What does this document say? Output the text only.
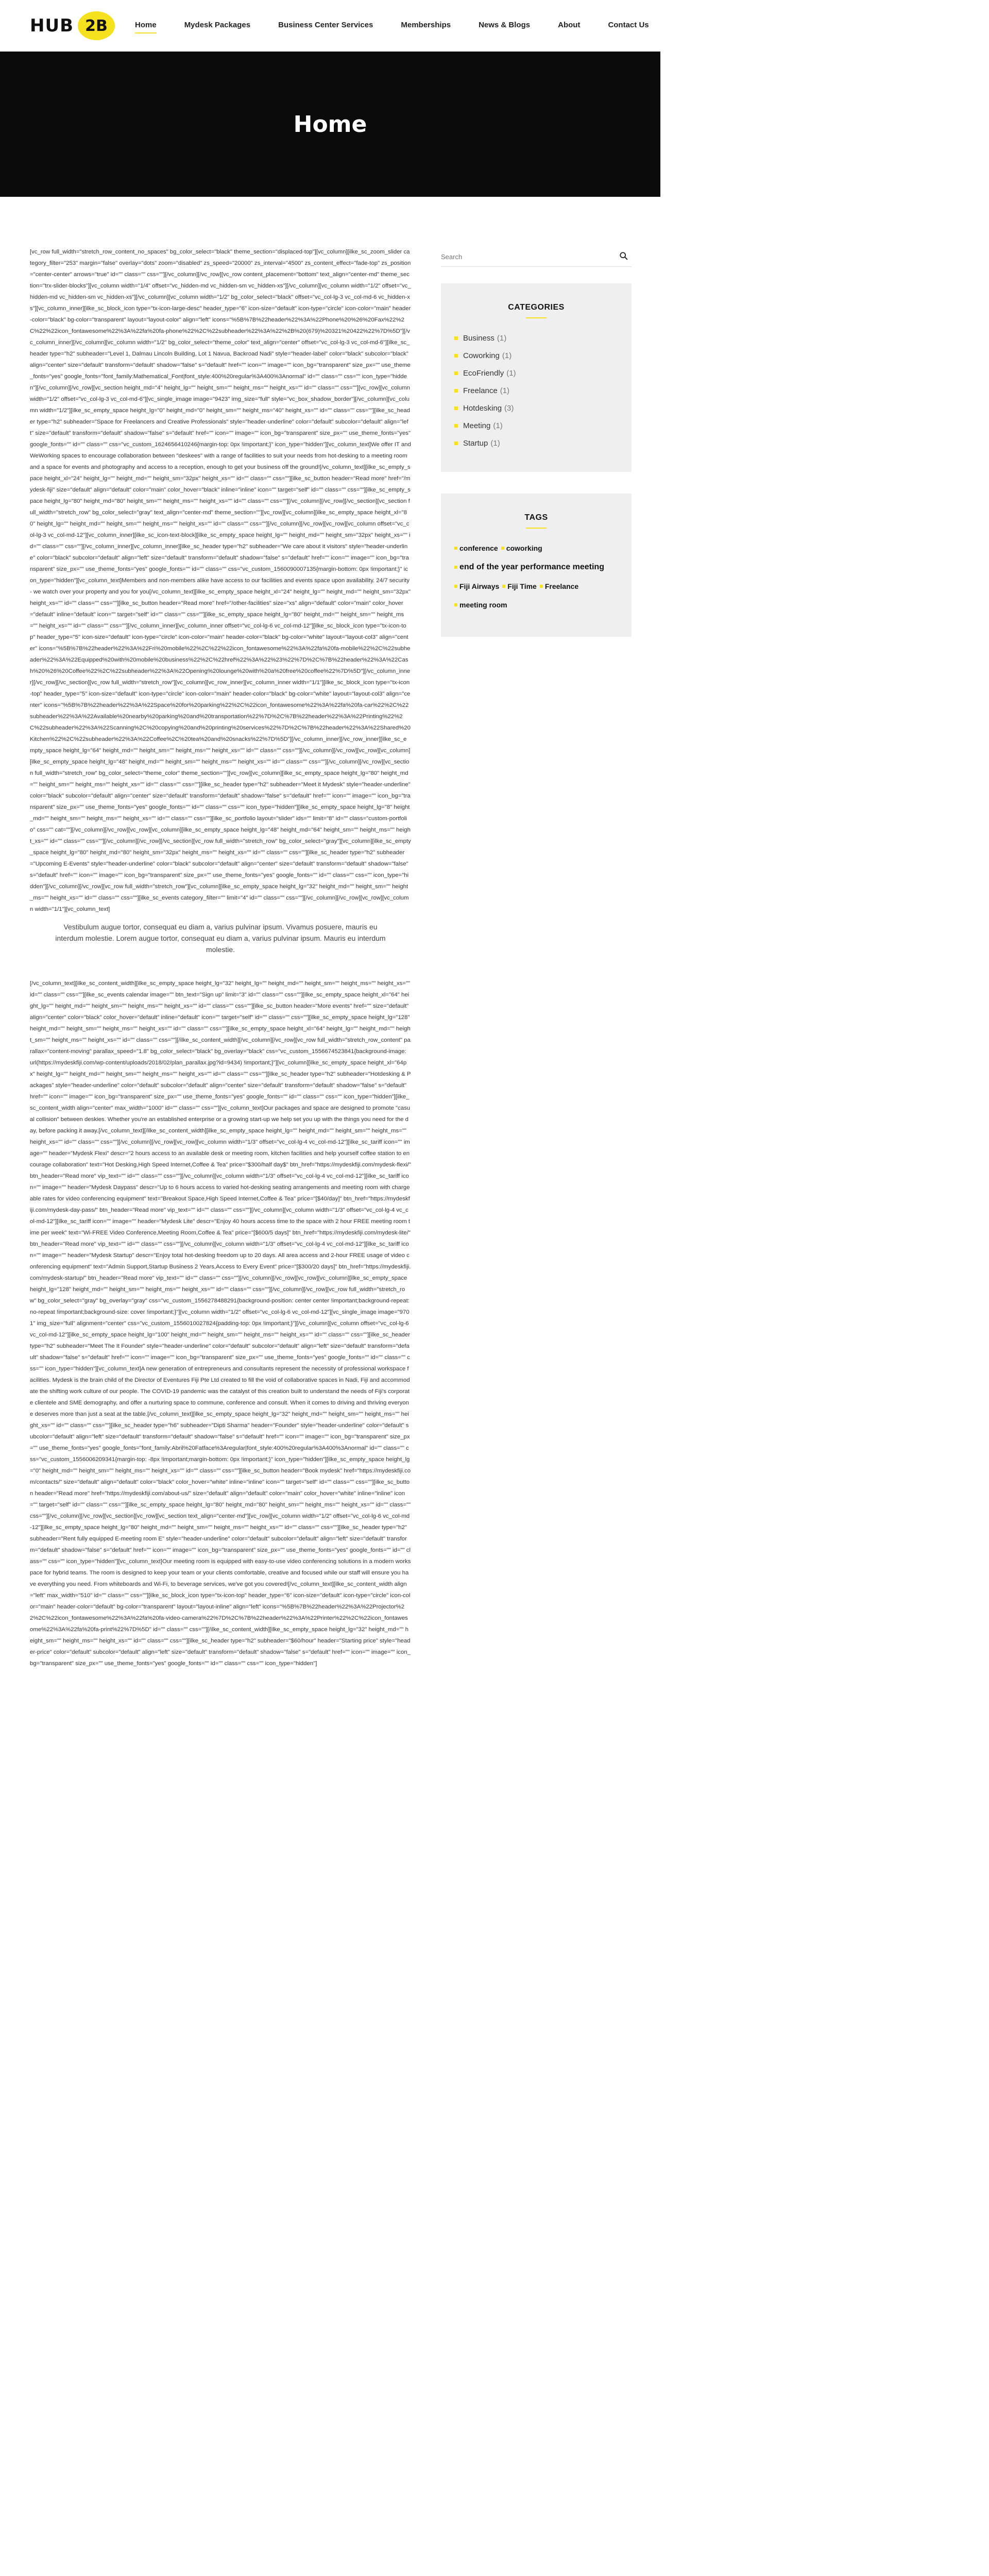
HUB 2B	Home	Mydesk Packages	Business Center Services	Memberships	News & Blogs	About	Contact Us
Home

[vc_row full_width="stretch_row_content_no_spaces" bg_color_select="black" theme_section="displaced-top"][vc_column][ilke_sc_zoom_slider category_filter="253" margin="false" overlay="dots" zoom="disabled" zs_speed="20000" zs_interval="4500" zs_content_effect="fade-top" zs_position="center-center" arrows="true" id="" class="" css=""][/vc_column][/vc_row][vc_row content_placement="bottom" text_align="center-md" theme_section="trx-slider-blocks"][vc_column width="1/4" offset="vc_hidden-md vc_hidden-sm vc_hidden-xs"][/vc_column][vc_column width="1/2" offset="vc_hidden-md vc_hidden-sm vc_hidden-xs"][/vc_column][vc_column width="1/2" bg_color_select="black" offset="vc_col-lg-3 vc_col-md-6 vc_hidden-xs"][vc_column_inner][ilke_sc_block_icon type="tx-icon-large-desc" header_type="6" icon-size="default" icon-type="circle" icon-color="main" header-color="black" bg-color="transparent" layout="layout-color" align="left" icons="%5B%7B%22header%22%3A%22Phone%20%26%20Fax%22%2C%22%22icon_fontawesome%22%3A%22fa%20fa-phone%22%2C%22subheader%22%3A%22%2B%20(679)%20321%20422%22%7D%5D"][/vc_column_inner][/vc_column][vc_column width="1/2" bg_color_select="theme_color" text_align="center" offset="vc_col-lg-3 vc_col-md-6"][ilke_sc_header type="h2" subheader="Level 1, Dalmau Lincoln Building, Lot 1 Navua, Backroad Nadi" style="header-label" color="black" subcolor="black" align="center" size="default" transform="default" shadow="false" s="default" href="" icon="" image="" icon_bg="transparent" size_px="" use_theme_fonts="yes" google_fonts="font_family:Mathematical_Font|font_style:400%20regular%3A400%3Anormal" id="" class="" css="" icon_type="hidden"][/vc_column][/vc_row][vc_section height_md="4" height_lg="" height_sm="" height_ms="" height_xs="" id="" class="" css=""][vc_row][vc_column width="1/2" offset="vc_col-lg-3 vc_col-md-6"][vc_single_image image="9423" img_size="full" style="vc_box_shadow_border"][/vc_column][vc_column width="1/2"][ilke_sc_empty_space height_lg="0" height_md="0" height_sm="" height_ms="40" height_xs="" id="" class="" css=""][ilke_sc_header type="h2" subheader="Space for Freelancers and Creative Professionals" style="header-underline" color="default" subcolor="default" align="left" size="default" transform="default" shadow="false" s="default" href="" icon="" image="" icon_bg="transparent" size_px="" use_theme_fonts="yes" google_fonts="" id="" class="" css="vc_custom_1624656410246{margin-top: 0px !important;}" icon_type="hidden"][vc_column_text]We offer IT and WeWorking spaces to encourage collaboration between "deskees" with a range of facilities to suit your needs from hot-desking to a meeting room and a space for events and photography and access to a reception, enough to get your business off the ground![/vc_column_text][ilke_sc_empty_space height_xl="24" height_lg="" height_md="" height_sm="32px" height_xs="" id="" class="" css=""][ilke_sc_button header="Read more" href="/mydesk-fiji" size="default" align="default" color="main" color_hover="black" inline="inline" icon="" target="self" id="" class="" css=""][ilke_sc_empty_space height_lg="80" height_md="80" height_sm="" height_ms="" height_xs="" id="" class="" css=""][/vc_column][/vc_row][/vc_section][vc_section full_width="stretch_row" bg_color_select="gray" text_align="center-md" theme_section=""][vc_row][vc_column][ilke_sc_empty_space height_xl="80" height_lg="" height_md="" height_sm="" height_ms="" height_xs="" id="" class="" css=""][/vc_column][/vc_row][vc_row][vc_column offset="vc_col-lg-3 vc_col-md-12"][vc_column_inner][ilke_sc_icon-text-block][ilke_sc_empty_space height_lg="" height_md="" height_sm="32px" height_xs="" id="" class="" css=""][/vc_column_inner][vc_column_inner][ilke_sc_header type="h2" subheader="We care about it visitors" style="header-underline" color="black" subcolor="default" align="left" size="default" transform="default" shadow="false" s="default" href="" icon="" image="" icon_bg="transparent" size_px="" use_theme_fonts="yes" google_fonts="" id="" class="" css="vc_custom_1560090007135{margin-bottom: 0px !important;}" icon_type="hidden"][vc_column_text]Members and non-members alike have access to our facilities and events space upon availability. 24/7 security - we watch over your property and you for you[/vc_column_text][ilke_sc_empty_space height_xl="24" height_lg="" height_md="" height_sm="32px" height_xs="" id="" class="" css=""][ilke_sc_button header="Read more" href="/other-facilities" size="xs" align="default" color="main" color_hover="default" inline="default" icon="" target="self" id="" class="" css=""][ilke_sc_empty_space height_lg="80" height_md="" height_sm="" height_ms="" height_xs="" id="" class="" css=""][/vc_column_inner][vc_column_inner offset="vc_col-lg-6 vc_col-md-12"][ilke_sc_block_icon type="tx-icon-top" header_type="5" icon-size="default" icon-type="circle" icon-color="main" header-color="black" bg-color="white" layout="layout-col3" align="center" icons="%5B%7B%22header%22%3A%22Fri%20mobile%22%2C%22%22icon_fontawesome%22%3A%22fa%20fa-mobile%22%2C%22subheader%22%3A%22Equipped%20with%20mobile%20business%22%2C%22href%22%3A%22%23%22%7D%2C%7B%22header%22%3A%22Cash%20%26%20Coffee%22%2C%22subheader%22%3A%22Opening%20lounge%20with%20a%20free%20coffee%22%7D%5D"][/vc_column_inner][/vc_row][/vc_section][vc_row full_width="stretch_row"][vc_column][vc_row_inner][vc_column_inner width="1/1"][ilke_sc_block_icon type="tx-icon-top" header_type="5" icon-size="default" icon-type="circle" icon-color="main" header-color="black" bg-color="white" layout="layout-col3" align="center" icons="%5B%7B%22header%22%3A%22Space%20for%20parking%22%2C%22icon_fontawesome%22%3A%22fa%20fa-car%22%2C%22subheader%22%3A%22Available%20nearby%20parking%20and%20transportation%22%7D%2C%7B%22header%22%3A%22Printing%22%2C%22subheader%22%3A%22Scanning%2C%20copying%20and%20printing%20services%22%7D%2C%7B%22header%22%3A%22Shared%20Kitchen%22%2C%22subheader%22%3A%22Coffee%2C%20tea%20and%20snacks%22%7D%5D"][/vc_column_inner][/vc_row_inner][ilke_sc_empty_space height_lg="64" height_md="" height_sm="" height_ms="" height_xs="" id="" class="" css=""][/vc_column][/vc_row][vc_row][vc_column][ilke_sc_empty_space height_lg="48" height_md="" height_sm="" height_ms="" height_xs="" id="" class="" css=""][/vc_column][/vc_row][vc_section full_width="stretch_row" bg_color_select="theme_color" theme_section=""][vc_row][vc_column][ilke_sc_empty_space height_lg="80" height_md="" height_sm="" height_ms="" height_xs="" id="" class="" css=""][ilke_sc_header type="h2" subheader="Meet it Mydesk" style="header-underline" color="black" subcolor="default" align="center" size="default" transform="default" shadow="false" s="default" href="" icon="" image="" icon_bg="transparent" size_px="" use_theme_fonts="yes" google_fonts="" id="" class="" css="" icon_type="hidden"][ilke_sc_empty_space height_lg="8" height_md="" height_sm="" height_ms="" height_xs="" id="" class="" css=""][ilke_sc_portfolio layout="slider" ids="" limit="8" id="" class="custom-portfolio" css="" cat=""][/vc_column][/vc_row][vc_row][vc_column][ilke_sc_empty_space height_lg="48" height_md="64" height_sm="" height_ms="" height_xs="" id="" class="" css=""][/vc_column][/vc_row][/vc_section][vc_row full_width="stretch_row" bg_color_select="gray"][vc_column][ilke_sc_empty_space height_lg="80" height_md="80" height_sm="32px" height_ms="" height_xs="" id="" class="" css=""][ilke_sc_header type="h2" subheader="Upcoming E-Events" style="header-underline" color="black" subcolor="default" align="center" size="default" transform="default" shadow="false" s="default" href="" icon="" image="" icon_bg="transparent" size_px="" use_theme_fonts="yes" google_fonts="" id="" class="" css="" icon_type="hidden"][/vc_column][/vc_row][vc_row full_width="stretch_row"][vc_column][ilke_sc_empty_space height_lg="32" height_md="" height_sm="" height_ms="" height_xs="" id="" class="" css=""][ilke_sc_events category_filter="" limit="4" id="" class="" css=""][/vc_column][/vc_row][vc_row][vc_column width="1/1"][vc_column_text]

Vestibulum augue tortor, consequat eu diam a, varius pulvinar ipsum. Vivamus posuere, mauris eu interdum molestie. Lorem augue tortor, consequat eu diam a, varius pulvinar ipsum. Mauris eu interdum molestie.

[/vc_column_text][ilke_sc_content_width][ilke_sc_empty_space height_lg="32" height_lg="" height_md="" height_sm="" height_ms="" height_xs="" id="" class="" css=""][ilke_sc_events calendar image="" btn_text="Sign up" limit="3" id="" class="" css=""][ilke_sc_empty_space height_xl="64" height_lg="" height_md="" height_sm="" height_ms="" height_xs="" id="" class="" css=""][ilke_sc_button header="More events" href="" size="default" align="center" color="black" color_hover="default" inline="default" icon="" target="self" id="" class="" css=""][ilke_sc_empty_space height_lg="128" height_md="" height_sm="" height_ms="" height_xs="" id="" class="" css=""][ilke_sc_empty_space height_xl="64" height_lg="" height_md="" height_sm="" height_ms="" height_xs="" id="" class="" css=""][/ilke_sc_content_width][/vc_column][/vc_row][vc_row full_width="stretch_row_content" parallax="content-moving" parallax_speed="1.8" bg_color_select="black" bg_overlay="black" css="vc_custom_1556674523841{background-image: url(https://mydeskfiji.com/wp-content/uploads/2018/02/plan_parallax.jpg?id=9434) !important;}"][vc_column][ilke_sc_empty_space height_xl="64px" height_lg="" height_md="" height_sm="" height_ms="" height_xs="" id="" class="" css=""][ilke_sc_header type="h2" subheader="Hotdesking & Packages" style="header-underline" color="default" subcolor="default" align="center" size="default" transform="default" shadow="false" s="default" href="" icon="" image="" icon_bg="transparent" size_px="" use_theme_fonts="yes" google_fonts="" id="" class="" css="" icon_type="hidden"][ilke_sc_content_width align="center" max_width="1000" id="" class="" css=""][vc_column_text]Our packages and space are designed to promote "casual collision" between deskies. Whether you're an established enterprise or a growing start-up we help set you up with the things you need for the day, before packing it away.[/vc_column_text][/ilke_sc_content_width][ilke_sc_empty_space height_lg="" height_md="" height_sm="" height_ms="" height_xs="" id="" class="" css=""][/vc_column][/vc_row][vc_row][vc_column width="1/3" offset="vc_col-lg-4 vc_col-md-12"][ilke_sc_tariff icon="" image="" header="Mydesk Flexi" descr="2 hours access to an available desk or meeting room, kitchen facilities and help yourself coffee station to encourage collaboration" text="Hot Desking,High Speed Internet,Coffee & Tea" price="$300/half day$" btn_href="https://mydeskfiji.com/mydesk-flexi/" btn_header="Read more" vip_text="" id="" class="" css=""][/vc_column][vc_column width="1/3" offset="vc_col-lg-4 vc_col-md-12"][ilke_sc_tariff icon="" image="" header="Mydesk Daypass" descr="Up to 6 hours access to varied hot-desking seating arrangements and meeting room with chargeable rates for video conferencing equipment" text="Breakout Space,High Speed Internet,Coffee & Tea" price="[$40/day]" btn_href="https://mydeskfiji.com/mydesk-day-pass/" btn_header="Read more" vip_text="" id="" class="" css=""][/vc_column][vc_column width="1/3" offset="vc_col-lg-4 vc_col-md-12"][ilke_sc_tariff icon="" image="" header="Mydesk Lite" descr="Enjoy 40 hours access time to the space with 2 hour FREE meeting room time per week" text="Wi-FREE Video Conference,Meeting Room,Coffee & Tea" price="[$600/5 days]" btn_href="https://mydeskfiji.com/mydesk-lite/" btn_header="Read more" vip_text="" id="" class="" css=""][/vc_column][vc_column width="1/3" offset="vc_col-lg-4 vc_col-md-12"][ilke_sc_tariff icon="" image="" header="Mydesk Startup" descr="Enjoy total hot-desking freedom up to 20 days. All area access and 2-hour FREE usage of video conferencing equipment" text="Admin Support,Startup Business 2 Years,Access to Every Event" price="[$300/20 days]" btn_href="https://mydeskfiji.com/mydesk-startup/" btn_header="Read more" vip_text="" id="" class="" css=""][/vc_column][/vc_row][vc_row][vc_column][ilke_sc_empty_space height_lg="128" height_md="" height_sm="" height_ms="" height_xs="" id="" class="" css=""][/vc_column][/vc_row][vc_row full_width="stretch_row" bg_color_select="gray" bg_overlay="gray" css="vc_custom_1556278488291{background-position: center center !important;background-repeat: no-repeat !important;background-size: cover !important;}"][vc_column width="1/2" offset="vc_col-lg-6 vc_col-md-12"][vc_single_image image="9701" img_size="full" alignment="center" css="vc_custom_1556010027824{padding-top: 0px !important;}"][/vc_column][vc_column offset="vc_col-lg-6 vc_col-md-12"][ilke_sc_empty_space height_lg="100" height_md="" height_sm="" height_ms="" height_xs="" id="" class="" css=""][ilke_sc_header type="h2" subheader="Meet The It Founder" style="header-underline" color="default" subcolor="default" align="left" size="default" transform="default" shadow="false" s="default" href="" icon="" image="" icon_bg="transparent" size_px="" use_theme_fonts="yes" google_fonts="" id="" class="" css="" icon_type="hidden"][vc_column_text]A new generation of entrepreneurs and consultants represent the necessity of professional workspace facilities. Mydesk is the brain child of the Director of Eventures Fiji Pte Ltd created to fill the void of collaborative spaces in Nadi, Fiji and accommodate the shifting work culture of our people. The COVID-19 pandemic was the catalyst of this creation built to understand the needs of Fiji's corporate clientele and SME demography, and offer a nurturing space to commune, conference and consult. When it comes to driving and thriving everyone deserves more than just a seat at the table.[/vc_column_text][ilke_sc_empty_space height_lg="32" height_md="" height_sm="" height_ms="" height_xs="" id="" class="" css=""][ilke_sc_header type="h6" subheader="Dipti Sharma" header="Founder" style="header-underline" color="default" subcolor="default" align="left" size="default" transform="default" shadow="false" s="default" href="" icon="" image="" icon_bg="transparent" size_px="" use_theme_fonts="yes" google_fonts="font_family:Abril%20Fatface%3Aregular|font_style:400%20regular%3A400%3Anormal" id="" class="" css="vc_custom_1556006209341{margin-top: -8px !important;margin-bottom: 0px !important;}" icon_type="hidden"][ilke_sc_empty_space height_lg="0" height_md="" height_sm="" height_ms="" height_xs="" id="" class="" css=""][ilke_sc_button header="Book mydesk" href="https://mydeskfiji.com/contacts/" size="default" align="default" color="black" color_hover="white" inline="inline" icon="" target="self" id="" class="" css=""][ilke_sc_button header="Read more" href="https://mydeskfiji.com/about-us/" size="default" align="default" color="main" color_hover="white" inline="inline" icon="" target="self" id="" class="" css=""][ilke_sc_empty_space height_lg="80" height_md="80" height_sm="" height_ms="" height_xs="" id="" class="" css=""][/vc_column][/vc_row][vc_section][vc_row][vc_section text_align="center-md"][vc_row][vc_column width="1/2" offset="vc_col-lg-6 vc_col-md-12"][ilke_sc_empty_space height_lg="80" height_md="" height_sm="" height_ms="" height_xs="" id="" class="" css=""][ilke_sc_header type="h2" subheader="Rent fully equipped E-meeting room E" style="header-underline" color="default" subcolor="default" align="left" size="default" transform="default" shadow="false" s="default" href="" icon="" image="" icon_bg="transparent" size_px="" use_theme_fonts="yes" google_fonts="" id="" class="" css="" icon_type="hidden"][vc_column_text]Our meeting room is equipped with easy-to-use video conferencing solutions in a modern workspace for hybrid teams. The room is designed to keep your team or your clients comfortable, creative and focused while our staff will ensure you have everything you need. From whiteboards and Wi-Fi, to beverage services, we've got you covered![/vc_column_text][ilke_sc_content_width align="left" max_width="510" id="" class="" css=""][ilke_sc_block_icon type="tx-icon-top" header_type="6" icon-size="default" icon-type="circle" icon-color="main" header-color="default" bg-color="transparent" layout="layout-inline" align="left" icons="%5B%7B%22header%22%3A%22Projector%22%2C%22icon_fontawesome%22%3A%22fa%20fa-video-camera%22%7D%2C%7B%22header%22%3A%22Printer%22%2C%22icon_fontawesome%22%3A%22fa%20fa-print%22%7D%5D" id="" class="" css=""][/ilke_sc_content_width][ilke_sc_empty_space height_lg="32" height_md="" height_sm="" height_ms="" height_xs="" id="" class="" css=""][ilke_sc_header type="h2" subheader="$60/hour" header="Starting price" style="header-price" color="default" subcolor="default" align="left" size="default" transform="default" shadow="false" s="default" href="" icon="" image="" icon_bg="transparent" size_px="" use_theme_fonts="yes" google_fonts="" id="" class="" css="" icon_type="hidden"]

Search
CATEGORIES
Business (1)
Coworking (1)
EcoFriendly (1)
Freelance (1)
Hotdesking (3)
Meeting (1)
Startup (1)
TAGS
conference coworking
end of the year performance meeting
Fiji Airways Fiji Time Freelance
meeting room
